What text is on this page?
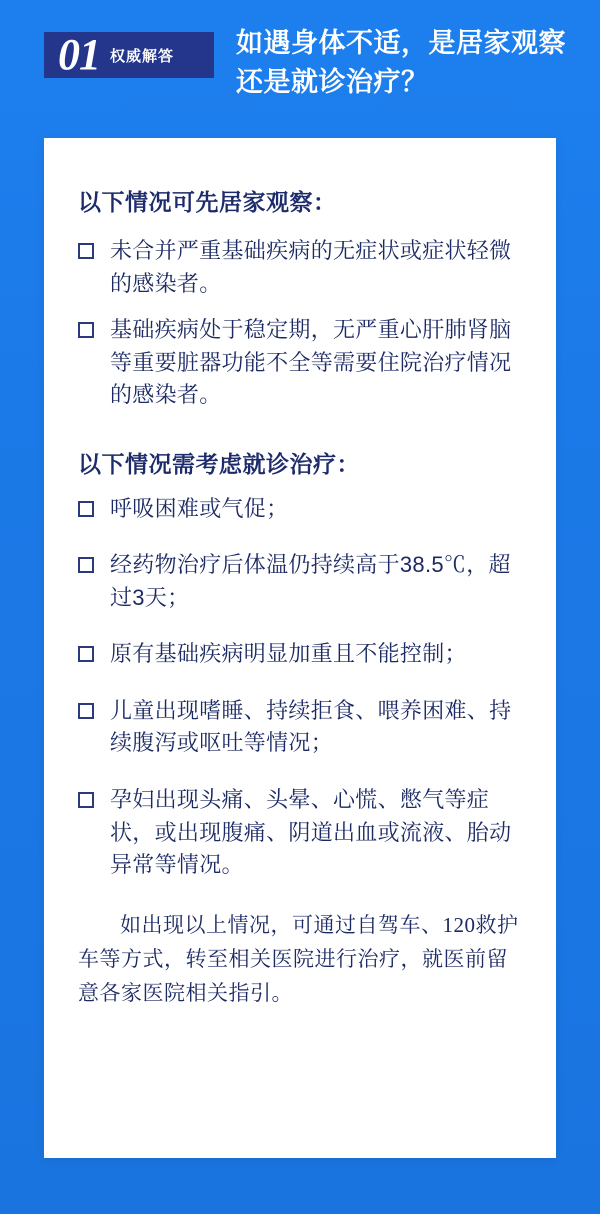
01 权威解答 如遇身体不适，是居家观察还是就诊治疗？
以下情况可先居家观察：
未合并严重基础疾病的无症状或症状轻微的感染者。
基础疾病处于稳定期，无严重心肝肺肾脑等重要脏器功能不全等需要住院治疗情况的感染者。
以下情况需考虑就诊治疗：
呼吸困难或气促；
经药物治疗后体温仍持续高于38.5℃，超过3天；
原有基础疾病明显加重且不能控制；
儿童出现嗜睡、持续拒食、喂养困难、持续腹泻或呕吐等情况；
孕妇出现头痛、头晕、心慌、憋气等症状，或出现腹痛、阴道出血或流液、胎动异常等情况。

如出现以上情况，可通过自驾车、120救护车等方式，转至相关医院进行治疗，就医前留意各家医院相关指引。
